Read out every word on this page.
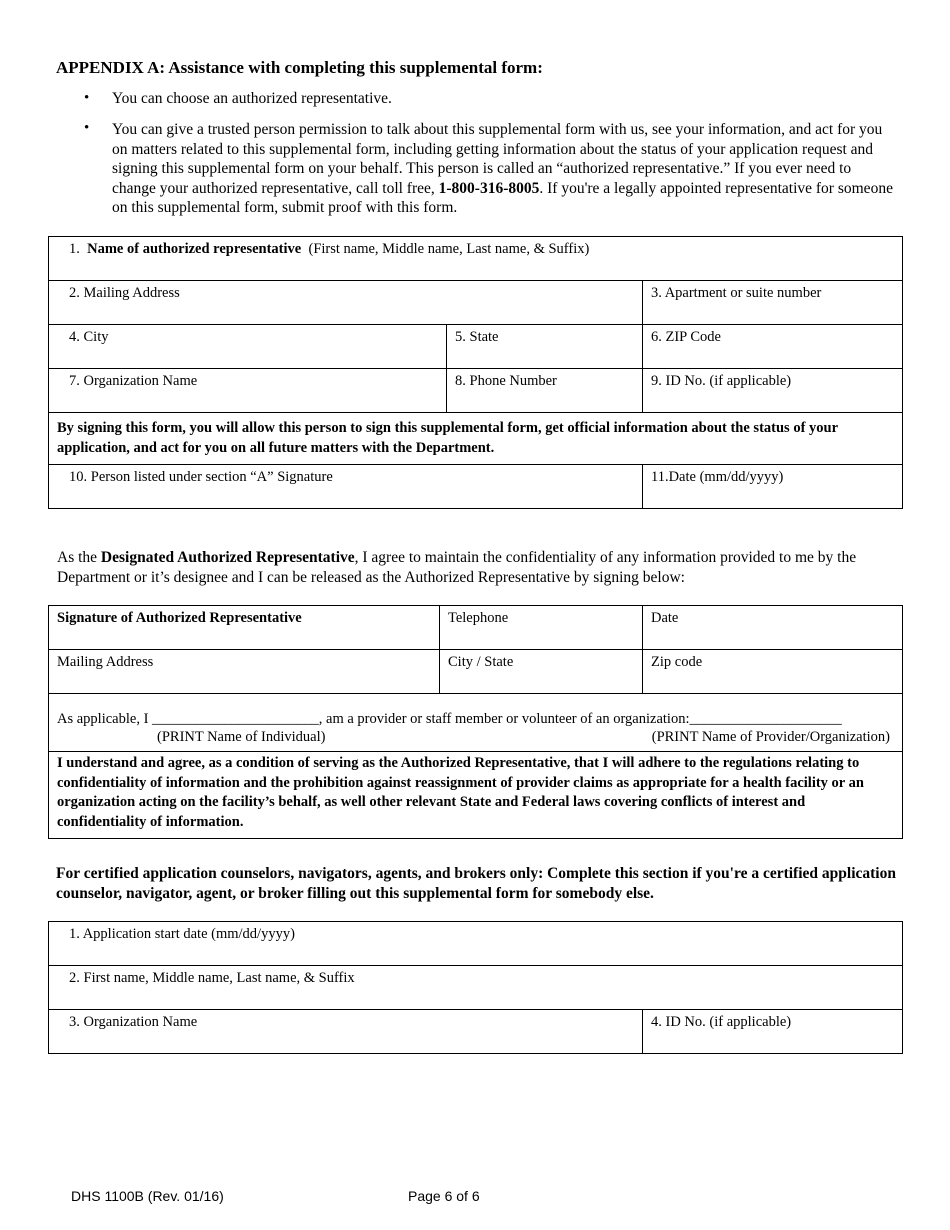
APPENDIX A: Assistance with completing this supplemental form:
• You can choose an authorized representative.
• You can give a trusted person permission to talk about this supplemental form with us, see your information, and act for you on matters related to this supplemental form, including getting information about the status of your application request and signing this supplemental form on your behalf. This person is called an “authorized representative.” If you ever need to change your authorized representative, call toll free, 1-800-316-8005. If you're a legally appointed representative for someone on this supplemental form, submit proof with this form.
1. Name of authorized representative (First name, Middle name, Last name, & Suffix)		

2. Mailing Address		3. Apartment or suite number

4. City	5. State	6. ZIP Code

7. Organization Name	8. Phone Number	9. ID No. (if applicable)

By signing this form, you will allow this person to sign this supplemental form, get official information about the status of your application, and act for you on all future matters with the Department.		

10. Person listed under section “A” Signature		11.Date (mm/dd/yyyy)
As the Designated Authorized Representative, I agree to maintain the confidentiality of any information provided to me by the Department or it’s designee and I can be released as the Authorized Representative by signing below:
Signature of Authorized Representative	Telephone	Date

Mailing Address	City / State	Zip code

As applicable, I _______________________, am a provider or staff member or volunteer of an organization:_____________________
(PRINT Name of Individual) (PRINT Name of Provider/Organization)		

I understand and agree, as a condition of serving as the Authorized Representative, that I will adhere to the regulations relating to confidentiality of information and the prohibition against reassignment of provider claims as appropriate for a health facility or an organization acting on the facility’s behalf, as well other relevant State and Federal laws covering conflicts of interest and confidentiality of information.		
For certified application counselors, navigators, agents, and brokers only: Complete this section if you're a certified application counselor, navigator, agent, or broker filling out this supplemental form for somebody else.
1. Application start date (mm/dd/yyyy)

2. First name, Middle name, Last name, & Suffix

3. Organization Name	4. ID No. (if applicable)
DHS 1100B (Rev. 01/16)	Page 6 of 6
